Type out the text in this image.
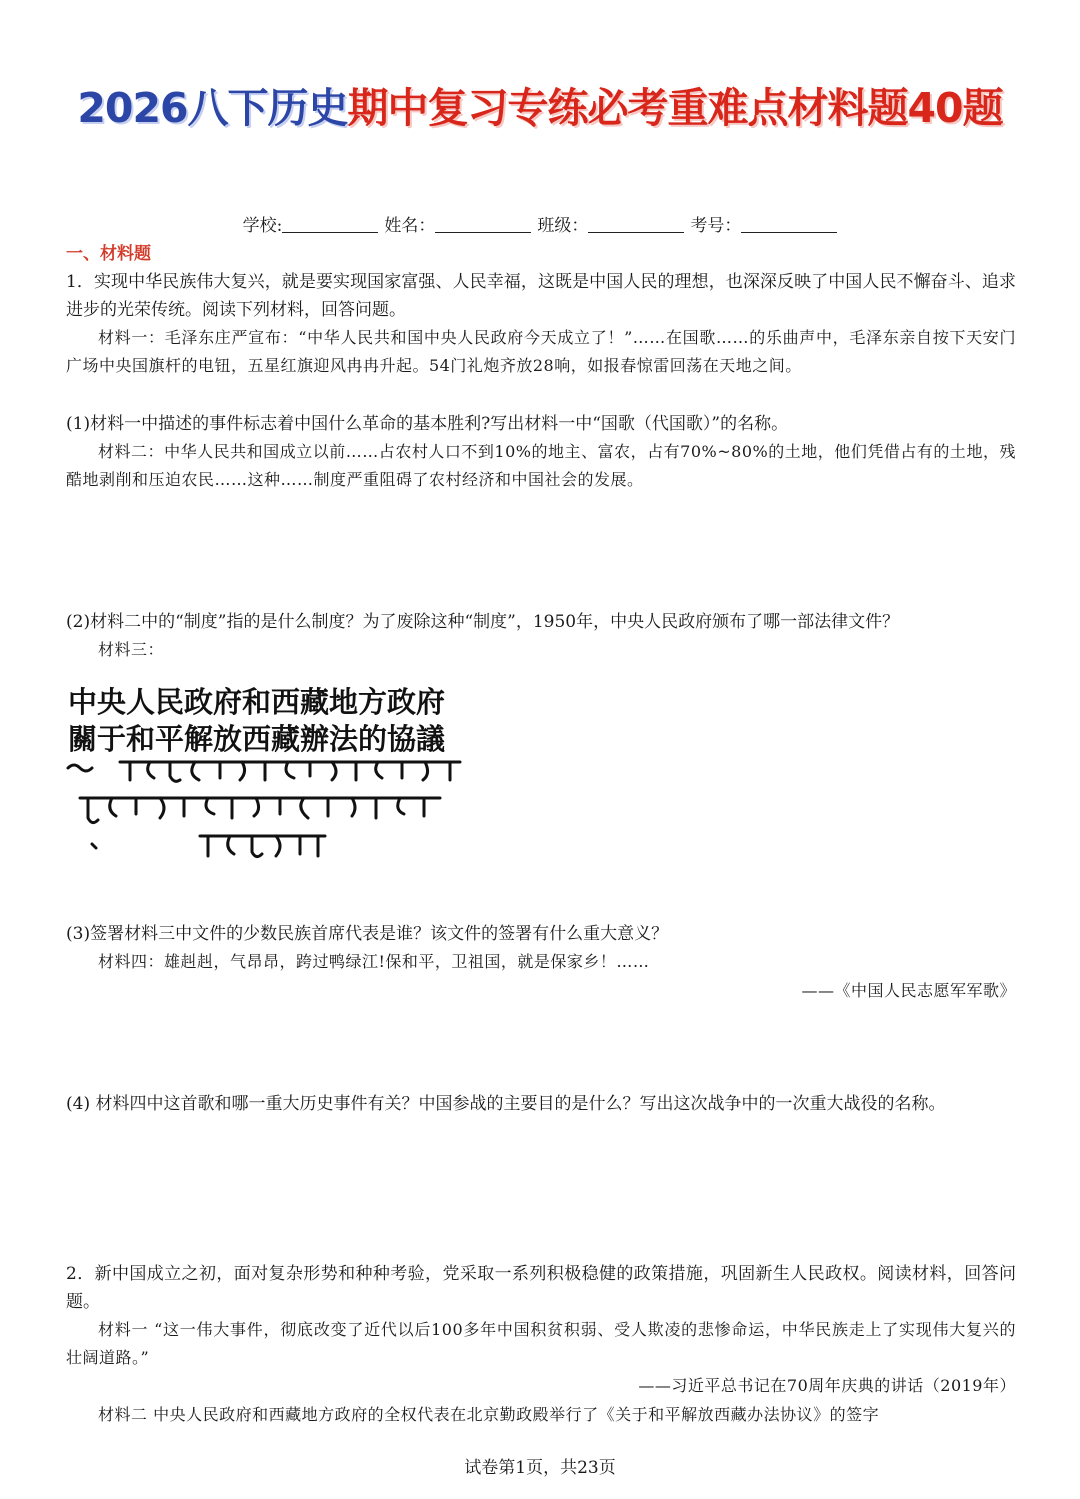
2026八下历史期中复习专练必考重难点材料题40题
学校:	姓名：	班级：	考号：
一、材料题
1．实现中华民族伟大复兴，就是要实现国家富强、人民幸福，这既是中国人民的理想，也深深反映了中国人民不懈奋斗、追求进步的光荣传统。阅读下列材料，回答问题。
材料一：毛泽东庄严宣布：“中华人民共和国中央人民政府今天成立了！”……在国歌……的乐曲声中，毛泽东亲自按下天安门广场中央国旗杆的电钮，五星红旗迎风冉冉升起。54门礼炮齐放28响，如报春惊雷回荡在天地之间。
(1)材料一中描述的事件标志着中国什么革命的基本胜利?写出材料一中“国歌（代国歌）”的名称。
材料二：中华人民共和国成立以前……占农村人口不到10%的地主、富农，占有70%~80%的土地，他们凭借占有的土地，残酷地剥削和压迫农民……这种……制度严重阻碍了农村经济和中国社会的发展。
(2)材料二中的“制度”指的是什么制度？为了废除这种“制度”，1950年，中央人民政府颁布了哪一部法律文件？
材料三：
中央人民政府和西藏地方政府
關于和平解放西藏辦法的協議
(3)签署材料三中文件的少数民族首席代表是谁？该文件的签署有什么重大意义？
材料四：雄赳赳，气昂昂，跨过鸭绿江!保和平，卫祖国，就是保家乡！……
——《中国人民志愿军军歌》
(4) 材料四中这首歌和哪一重大历史事件有关？中国参战的主要目的是什么？写出这次战争中的一次重大战役的名称。
2．新中国成立之初，面对复杂形势和种种考验，党采取一系列积极稳健的政策措施，巩固新生人民政权。阅读材料，回答问题。
材料一 “这一伟大事件，彻底改变了近代以后100多年中国积贫积弱、受人欺凌的悲惨命运，中华民族走上了实现伟大复兴的壮阔道路。”
——习近平总书记在70周年庆典的讲话（2019年）
材料二 中央人民政府和西藏地方政府的全权代表在北京勤政殿举行了《关于和平解放西藏办法协议》的签字
试卷第1页，共23页
